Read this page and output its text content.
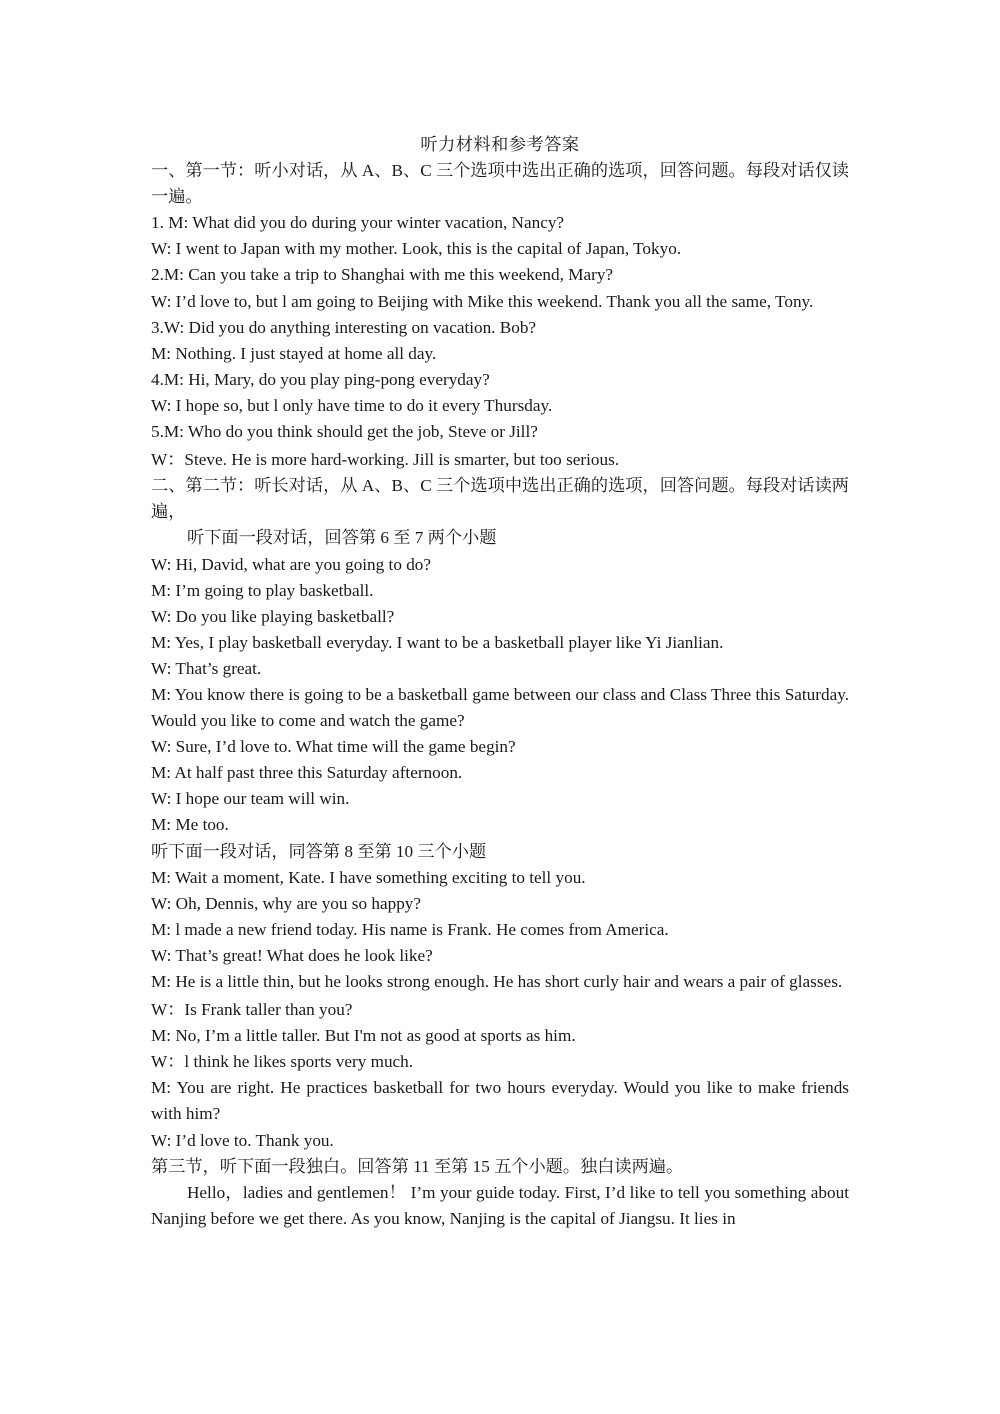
听力材料和参考答案
一、第一节：听小对话，从 A、B、C 三个选项中选出正确的选项，回答问题。每段对话仅读一遍。
1. M: What did you do during your winter vacation, Nancy?
W: I went to Japan with my mother. Look, this is the capital of Japan, Tokyo.
2.M: Can you take a trip to Shanghai with me this weekend, Mary?
W: I’d love to, but l am going to Beijing with Mike this weekend. Thank you all the same, Tony.
3.W: Did you do anything interesting on vacation. Bob?
M: Nothing. I just stayed at home all day.
4.M: Hi, Mary, do you play ping-pong everyday?
W: I hope so, but l only have time to do it every Thursday.
5.M: Who do you think should get the job, Steve or Jill?
W：Steve. He is more hard-working. Jill is smarter, but too serious.
二、第二节：听长对话，从 A、B、C 三个选项中选出正确的选项，回答问题。每段对话读两遍，
听下面一段对话，回答第 6 至 7 两个小题
W: Hi, David, what are you going to do?
M: I’m going to play basketball.
W: Do you like playing basketball?
M: Yes, I play basketball everyday. I want to be a basketball player like Yi Jianlian.
W: That’s great.
M: You know there is going to be a basketball game between our class and Class Three this Saturday. Would you like to come and watch the game?
W: Sure, I’d love to. What time will the game begin?
M: At half past three this Saturday afternoon.
W: I hope our team will win.
M: Me too.
听下面一段对话，同答第 8 至第 10 三个小题
M: Wait a moment, Kate. I have something exciting to tell you.
W: Oh, Dennis, why are you so happy?
M: l made a new friend today. His name is Frank. He comes from America.
W: That’s great! What does he look like?
M: He is a little thin, but he looks strong enough. He has short curly hair and wears a pair of glasses.
W：Is Frank taller than you?
M: No, I’m a little taller. But I'm not as good at sports as him.
W：l think he likes sports very much.
M: You are right. He practices basketball for two hours everyday. Would you like to make friends with him?
W: I’d love to. Thank you.
第三节，听下面一段独白。回答第 11 至第 15 五个小题。独白读两遍。
Hello，ladies and gentlemen！ I’m your guide today. First, I’d like to tell you something about Nanjing before we get there. As you know, Nanjing is the capital of Jiangsu. It lies in
